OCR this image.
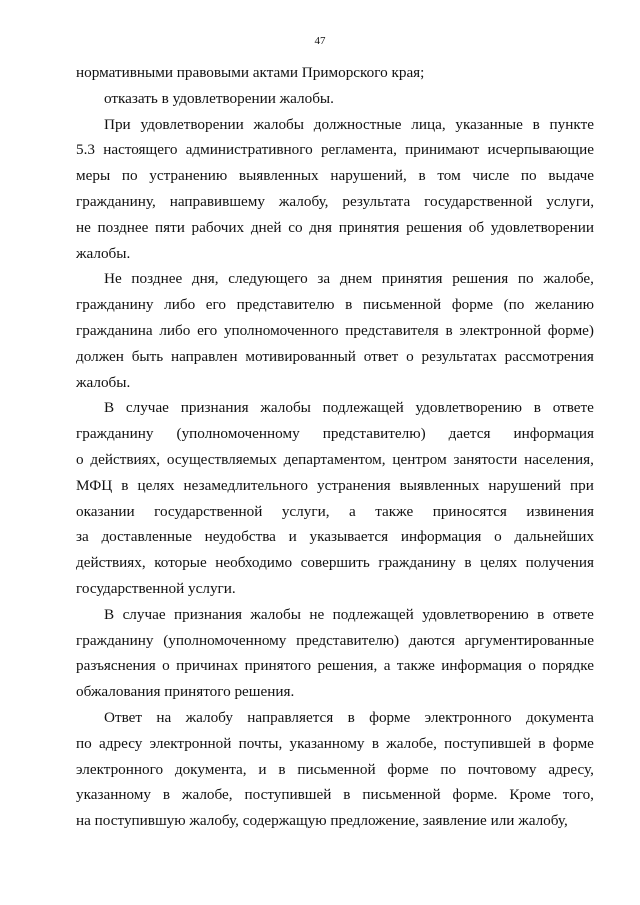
47

нормативными правовыми актами Приморского края;

отказать в удовлетворении жалобы.

При удовлетворении жалобы должностные лица, указанные в пункте
5.3 настоящего административного регламента, принимают исчерпывающие
меры по устранению выявленных нарушений, в том числе по выдаче
гражданину, направившему жалобу, результата государственной услуги,
не позднее пяти рабочих дней со дня принятия решения об удовлетворении
жалобы.

Не позднее дня, следующего за днем принятия решения по жалобе,
гражданину либо его представителю в письменной форме (по желанию
гражданина либо его уполномоченного представителя в электронной форме)
должен быть направлен мотивированный ответ о результатах рассмотрения
жалобы.

В случае признания жалобы подлежащей удовлетворению в ответе
гражданину (уполномоченному представителю) дается информация
о действиях, осуществляемых департаментом, центром занятости населения,
МФЦ в целях незамедлительного устранения выявленных нарушений при
оказании государственной услуги, а также приносятся извинения
за доставленные неудобства и указывается информация о дальнейших
действиях, которые необходимо совершить гражданину в целях получения
государственной услуги.

В случае признания жалобы не подлежащей удовлетворению в ответе
гражданину (уполномоченному представителю) даются аргументированные
разъяснения о причинах принятого решения, а также информация о порядке
обжалования принятого решения.

Ответ на жалобу направляется в форме электронного документа
по адресу электронной почты, указанному в жалобе, поступившей в форме
электронного документа, и в письменной форме по почтовому адресу,
указанному в жалобе, поступившей в письменной форме. Кроме того,
на поступившую жалобу, содержащую предложение, заявление или жалобу,
